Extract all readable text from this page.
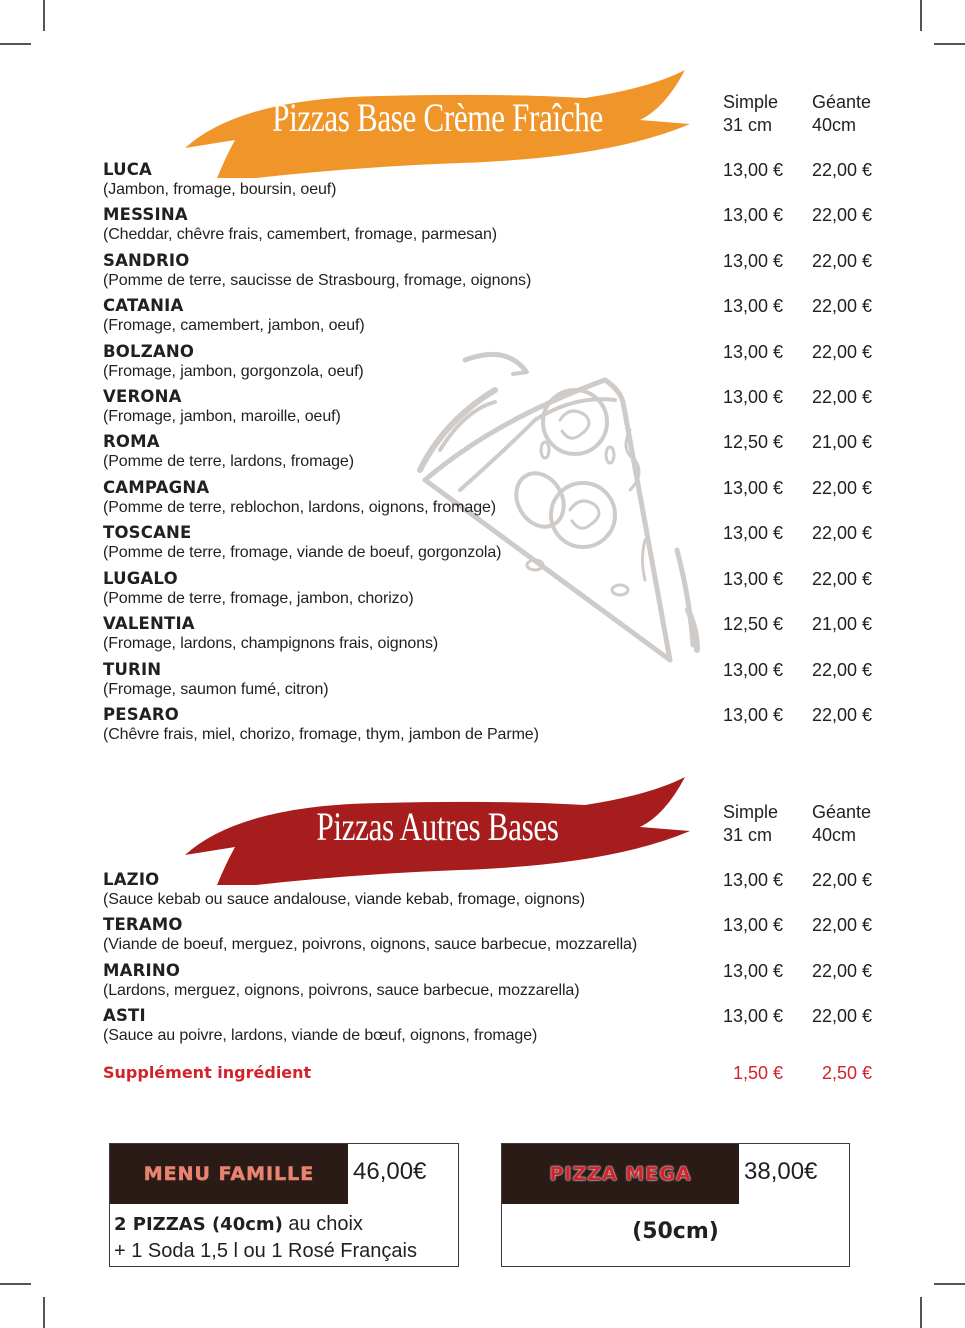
Pizzas Base Crème Fraîche	Simple
31 cm
Géante
40cm
LUCA
(Jambon, fromage, boursin, oeuf)
13,00 € 22,00 €
MESSINA
(Cheddar, chêvre frais, camembert, fromage, parmesan)
13,00 € 22,00 €
SANDRIO
(Pomme de terre, saucisse de Strasbourg, fromage, oignons)
13,00 € 22,00 €
CATANIA
(Fromage, camembert, jambon, oeuf)
13,00 € 22,00 €
BOLZANO
(Fromage, jambon, gorgonzola, oeuf)
13,00 € 22,00 €
VERONA
(Fromage, jambon, maroille, oeuf)
13,00 € 22,00 €
ROMA
(Pomme de terre, lardons, fromage)
12,50 € 21,00 €
CAMPAGNA
(Pomme de terre, reblochon, lardons, oignons, fromage)
13,00 € 22,00 €
TOSCANE
(Pomme de terre, fromage, viande de boeuf, gorgonzola)
13,00 € 22,00 €
LUGALO
(Pomme de terre, fromage, jambon, chorizo)
13,00 € 22,00 €
VALENTIA
(Fromage, lardons, champignons frais, oignons)
12,50 € 21,00 €
TURIN
(Fromage, saumon fumé, citron)
13,00 € 22,00 €
PESARO
(Chêvre frais, miel, chorizo, fromage, thym, jambon de Parme)
13,00 € 22,00 €
Pizzas Autres Bases	Simple
31 cm
Géante
40cm
LAZIO
(Sauce kebab ou sauce andalouse, viande kebab, fromage, oignons)
13,00 € 22,00 €
TERAMO
(Viande de boeuf, merguez, poivrons, oignons, sauce barbecue, mozzarella)
13,00 € 22,00 €
MARINO
(Lardons, merguez, oignons, poivrons, sauce barbecue, mozzarella)
13,00 € 22,00 €
ASTI
(Sauce au poivre, lardons, viande de bœuf, oignons, fromage)
13,00 € 22,00 €
Supplément ingrédient	1,50 € 2,50 €
MENU FAMILLE 46,00€
2 PIZZAS (40cm) au choix
+ 1 Soda 1,5 l ou 1 Rosé Français
PIZZA MEGA 38,00€
(50cm)
